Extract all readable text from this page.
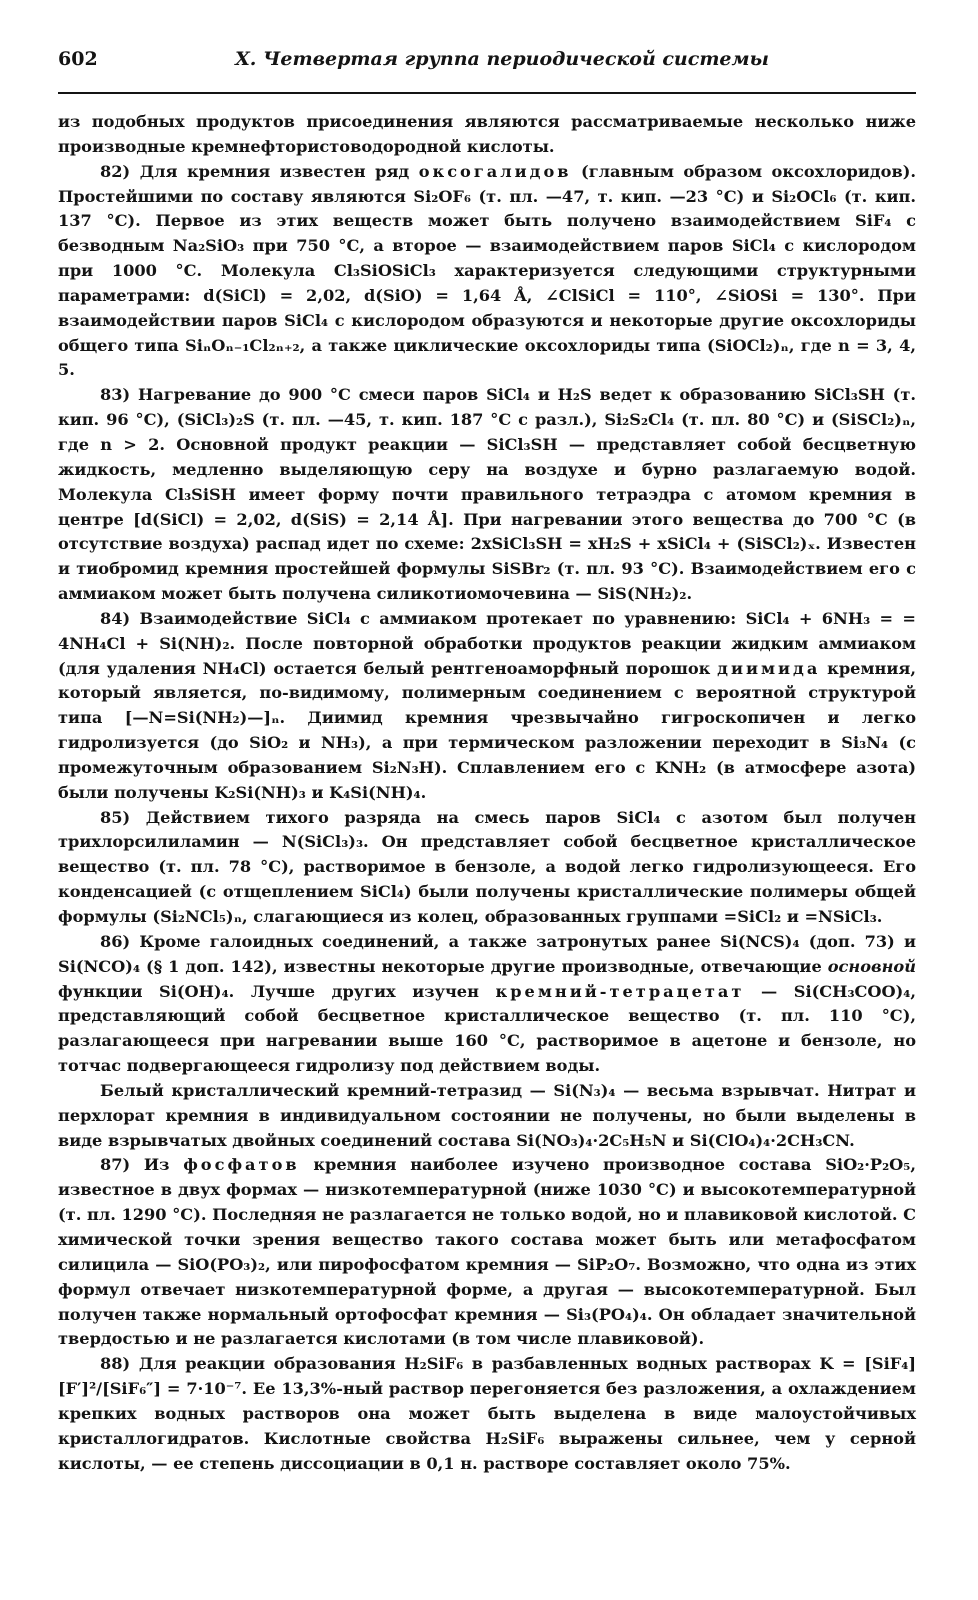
602	X. Четвертая группа периодической системы

из подобных продуктов присоединения являются рассматриваемые несколько ниже производные кремнефтористоводородной кислоты.

82) Для кремния известен ряд оксогалидов (главным образом оксохлоридов). Простейшими по составу являются Si₂OF₆ (т. пл. —47, т. кип. —23 °С) и Si₂OCl₆ (т. кип. 137 °С). Первое из этих веществ может быть получено взаимодействием SiF₄ с безводным Na₂SiO₃ при 750 °С, а второе — взаимодействием паров SiCl₄ с кислородом при 1000 °С. Молекула Cl₃SiOSiCl₃ характеризуется следующими структурными параметрами: d(SiCl) = 2,02, d(SiO) = 1,64 Å, ∠ClSiCl = 110°, ∠SiOSi = 130°. При взаимодействии паров SiCl₄ с кислородом образуются и некоторые другие оксохлориды общего типа SiₙOₙ₋₁Cl₂ₙ₊₂, а также циклические оксохлориды типа (SiOCl₂)ₙ, где n = 3, 4, 5.

83) Нагревание до 900 °С смеси паров SiCl₄ и H₂S ведет к образованию SiCl₃SH (т. кип. 96 °С), (SiCl₃)₂S (т. пл. —45, т. кип. 187 °С с разл.), Si₂S₂Cl₄ (т. пл. 80 °С) и (SiSCl₂)ₙ, где n > 2. Основной продукт реакции — SiCl₃SH — представляет собой бесцветную жидкость, медленно выделяющую серу на воздухе и бурно разлагаемую водой. Молекула Cl₃SiSH имеет форму почти правильного тетраэдра с атомом кремния в центре [d(SiCl) = 2,02, d(SiS) = 2,14 Å]. При нагревании этого вещества до 700 °С (в отсутствие воздуха) распад идет по схеме: 2xSiCl₃SH = xH₂S + xSiCl₄ + (SiSCl₂)ₓ. Известен и тиобромид кремния простейшей формулы SiSBr₂ (т. пл. 93 °С). Взаимодействием его с аммиаком может быть получена силикотиомочевина — SiS(NH₂)₂.

84) Взаимодействие SiCl₄ с аммиаком протекает по уравнению: SiCl₄ + 6NH₃ = = 4NH₄Cl + Si(NH)₂. После повторной обработки продуктов реакции жидким аммиаком (для удаления NH₄Cl) остается белый рентгеноаморфный порошок диимида кремния, который является, по-видимому, полимерным соединением с вероятной структурой типа [—N=Si(NH₂)—]ₙ. Диимид кремния чрезвычайно гигроскопичен и легко гидролизуется (до SiO₂ и NH₃), а при термическом разложении переходит в Si₃N₄ (с промежуточным образованием Si₂N₃H). Сплавлением его с KNH₂ (в атмосфере азота) были получены K₂Si(NH)₃ и K₄Si(NH)₄.

85) Действием тихого разряда на смесь паров SiCl₄ с азотом был получен трихлорсилиламин — N(SiCl₃)₃. Он представляет собой бесцветное кристаллическое вещество (т. пл. 78 °С), растворимое в бензоле, а водой легко гидролизующееся. Его конденсацией (с отщеплением SiCl₄) были получены кристаллические полимеры общей формулы (Si₂NCl₅)ₙ, слагающиеся из колец, образованных группами =SiCl₂ и =NSiCl₃.

86) Кроме галоидных соединений, а также затронутых ранее Si(NCS)₄ (доп. 73) и Si(NCO)₄ (§ 1 доп. 142), известны некоторые другие производные, отвечающие основной функции Si(OH)₄. Лучше других изучен кремний-тетрацетат — Si(CH₃COO)₄, представляющий собой бесцветное кристаллическое вещество (т. пл. 110 °С), разлагающееся при нагревании выше 160 °С, растворимое в ацетоне и бензоле, но тотчас подвергающееся гидролизу под действием воды.

Белый кристаллический кремний-тетразид — Si(N₃)₄ — весьма взрывчат. Нитрат и перхлорат кремния в индивидуальном состоянии не получены, но были выделены в виде взрывчатых двойных соединений состава Si(NO₃)₄·2C₅H₅N и Si(ClO₄)₄·2CH₃CN.

87) Из фосфатов кремния наиболее изучено производное состава SiO₂·P₂O₅, известное в двух формах — низкотемпературной (ниже 1030 °С) и высокотемпературной (т. пл. 1290 °С). Последняя не разлагается не только водой, но и плавиковой кислотой. С химической точки зрения вещество такого состава может быть или метафосфатом силицила — SiO(PO₃)₂, или пирофосфатом кремния — SiP₂O₇. Возможно, что одна из этих формул отвечает низкотемпературной форме, а другая — высокотемпературной. Был получен также нормальный ортофосфат кремния — Si₃(PO₄)₄. Он обладает значительной твердостью и не разлагается кислотами (в том числе плавиковой).

88) Для реакции образования H₂SiF₆ в разбавленных водных растворах K = [SiF₄][F′]²/[SiF₆″] = 7·10⁻⁷. Ее 13,3%-ный раствор перегоняется без разложения, а охлаждением крепких водных растворов она может быть выделена в виде малоустойчивых кристаллогидратов. Кислотные свойства H₂SiF₆ выражены сильнее, чем у серной кислоты, — ее степень диссоциации в 0,1 н. растворе составляет около 75%.
